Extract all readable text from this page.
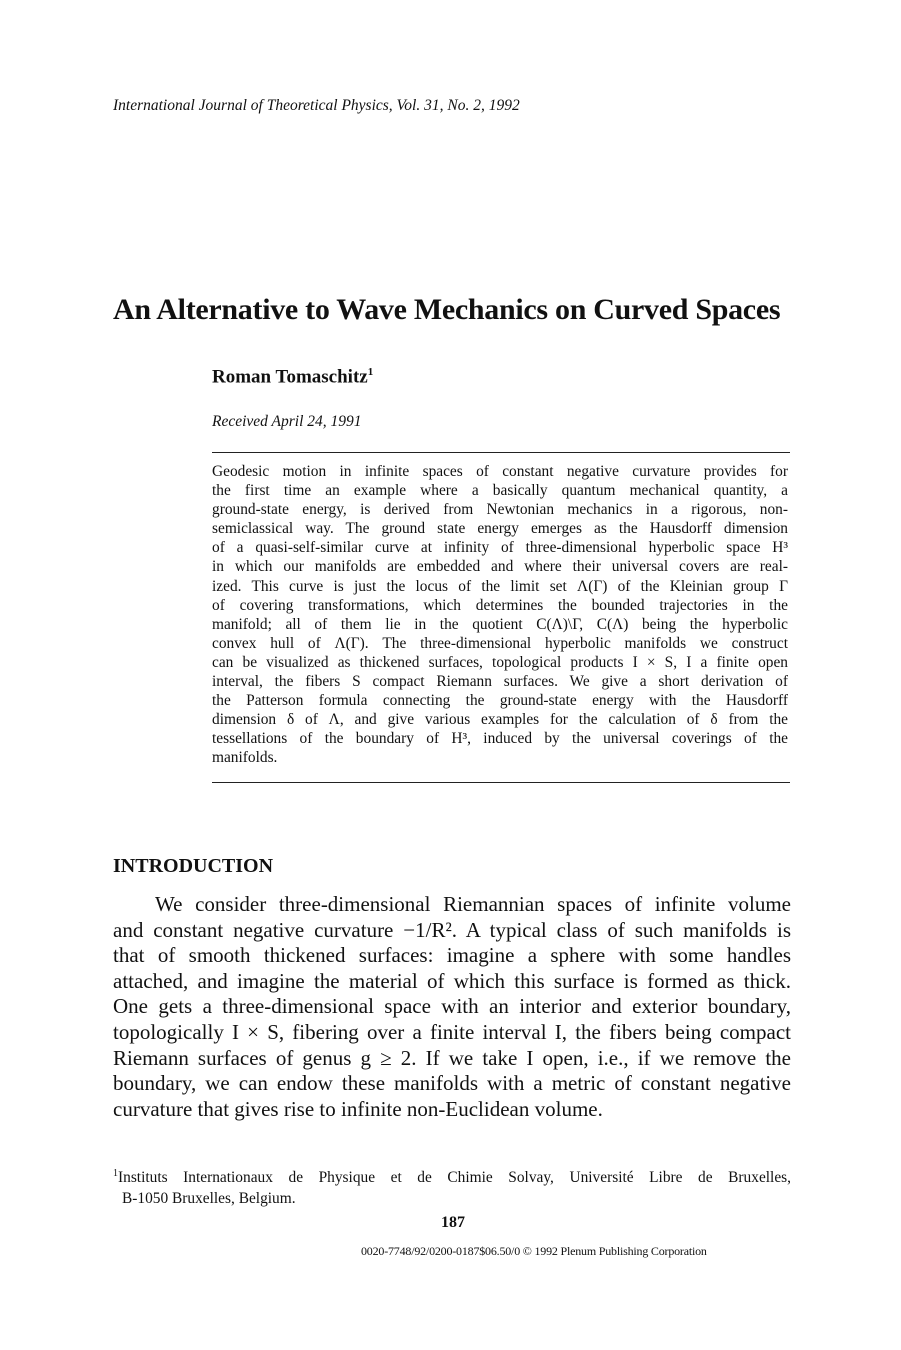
International Journal of Theoretical Physics, Vol. 31, No. 2, 1992
An Alternative to Wave Mechanics on Curved Spaces
Roman Tomaschitz$^1$
Received April 24, 1991
Geodesic motion in infinite spaces of constant negative curvature provides for
the first time an example where a basically quantum mechanical quantity, a
ground-state energy, is derived from Newtonian mechanics in a rigorous, non-
semiclassical way. The ground state energy emerges as the Hausdorff dimension
of a quasi-self-similar curve at infinity of three-dimensional hyperbolic space H³
in which our manifolds are embedded and where their universal covers are real-
ized. This curve is just the locus of the limit set Λ(Γ) of the Kleinian group Γ
of covering transformations, which determines the bounded trajectories in the
manifold; all of them lie in the quotient C(Λ)\Γ, C(Λ) being the hyperbolic
convex hull of Λ(Γ). The three-dimensional hyperbolic manifolds we construct
can be visualized as thickened surfaces, topological products I × S, I a finite open
interval, the fibers S compact Riemann surfaces. We give a short derivation of
the Patterson formula connecting the ground-state energy with the Hausdorff
dimension δ of Λ, and give various examples for the calculation of δ from the
tessellations of the boundary of H³, induced by the universal coverings of the
manifolds.
INTRODUCTION
We consider three-dimensional Riemannian spaces of infinite volume
and constant negative curvature −1/R². A typical class of such manifolds is
that of smooth thickened surfaces: imagine a sphere with some handles
attached, and imagine the material of which this surface is formed as thick.
One gets a three-dimensional space with an interior and exterior boundary,
topologically I × S, fibering over a finite interval I, the fibers being compact
Riemann surfaces of genus g ≥ 2. If we take I open, i.e., if we remove the
boundary, we can endow these manifolds with a metric of constant negative
curvature that gives rise to infinite non-Euclidean volume.
$^1$Instituts Internationaux de Physique et de Chimie Solvay, Université Libre de Bruxelles,
B-1050 Bruxelles, Belgium.
187
0020-7748/92/0200-0187$06.50/0 © 1992 Plenum Publishing Corporation
